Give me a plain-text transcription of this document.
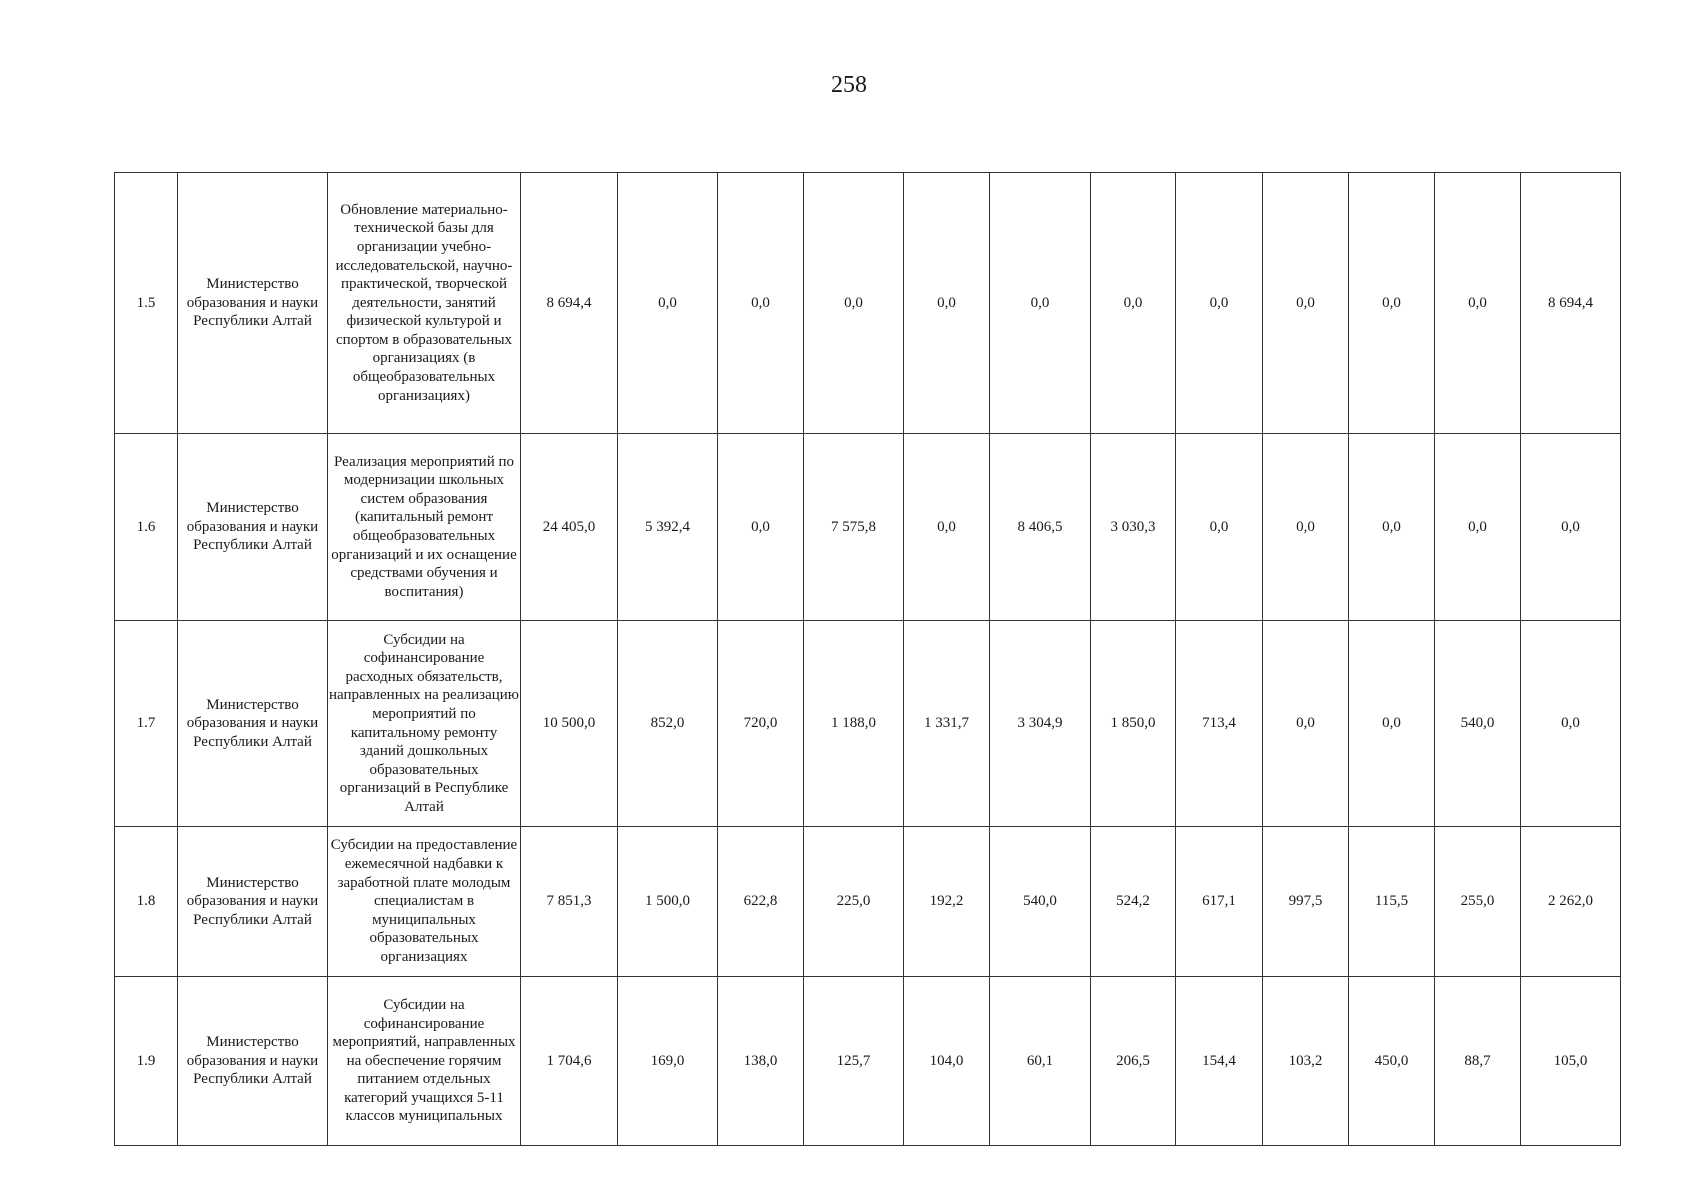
258
1.5	Министерство образования и науки Республики Алтай	Обновление материально-технической базы для организации учебно-исследовательской, научно-практической, творческой деятельности, занятий физической культурой и спортом в образовательных организациях (в общеобразовательных организациях)	8 694,4	0,0	0,0	0,0	0,0	0,0	0,0	0,0	0,0	0,0	0,0	8 694,4
1.6	Министерство образования и науки Республики Алтай	Реализация мероприятий по модернизации школьных систем образования (капитальный ремонт общеобразовательных организаций и их оснащение средствами обучения и воспитания)	24 405,0	5 392,4	0,0	7 575,8	0,0	8 406,5	3 030,3	0,0	0,0	0,0	0,0	0,0
1.7	Министерство образования и науки Республики Алтай	Субсидии на софинансирование расходных обязательств, направленных на реализацию мероприятий по капитальному ремонту зданий дошкольных образовательных организаций в Республике Алтай	10 500,0	852,0	720,0	1 188,0	1 331,7	3 304,9	1 850,0	713,4	0,0	0,0	540,0	0,0
1.8	Министерство образования и науки Республики Алтай	Субсидии на предоставление ежемесячной надбавки к заработной плате молодым специалистам в муниципальных образовательных организациях	7 851,3	1 500,0	622,8	225,0	192,2	540,0	524,2	617,1	997,5	115,5	255,0	2 262,0
1.9	Министерство образования и науки Республики Алтай	Субсидии на софинансирование мероприятий, направленных на обеспечение горячим питанием отдельных категорий учащихся 5-11 классов муниципальных	1 704,6	169,0	138,0	125,7	104,0	60,1	206,5	154,4	103,2	450,0	88,7	105,0
